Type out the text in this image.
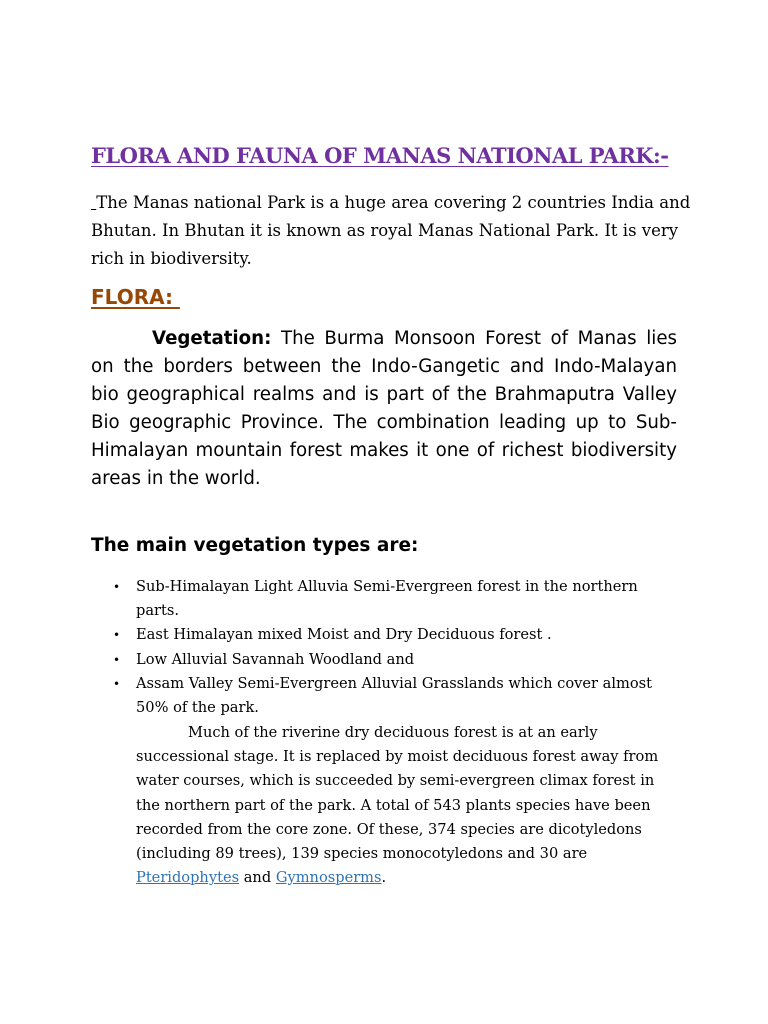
FLORA AND FAUNA OF MANAS NATIONAL PARK:-

The Manas national Park is a huge area covering 2 countries India and Bhutan. In Bhutan it is known as royal Manas National Park. It is very rich in biodiversity.

FLORA:

Vegetation: The Burma Monsoon Forest of Manas lies on the borders between the Indo-Gangetic and Indo-Malayan bio geographical realms and is part of the Brahmaputra Valley Bio geographic Province. The combination leading up to Sub- Himalayan mountain forest makes it one of richest biodiversity areas in the world.

The main vegetation types are:
• Sub-Himalayan Light Alluvia Semi-Evergreen forest in the northern parts.
• East Himalayan mixed Moist and Dry Deciduous forest .
• Low Alluvial Savannah Woodland and
• Assam Valley Semi-Evergreen Alluvial Grasslands which cover almost 50% of the park.

Much of the riverine dry deciduous forest is at an early successional stage. It is replaced by moist deciduous forest away from water courses, which is succeeded by semi-evergreen climax forest in the northern part of the park. A total of 543 plants species have been recorded from the core zone. Of these, 374 species are dicotyledons (including 89 trees), 139 species monocotyledons and 30 are Pteridophytes and Gymnosperms.
